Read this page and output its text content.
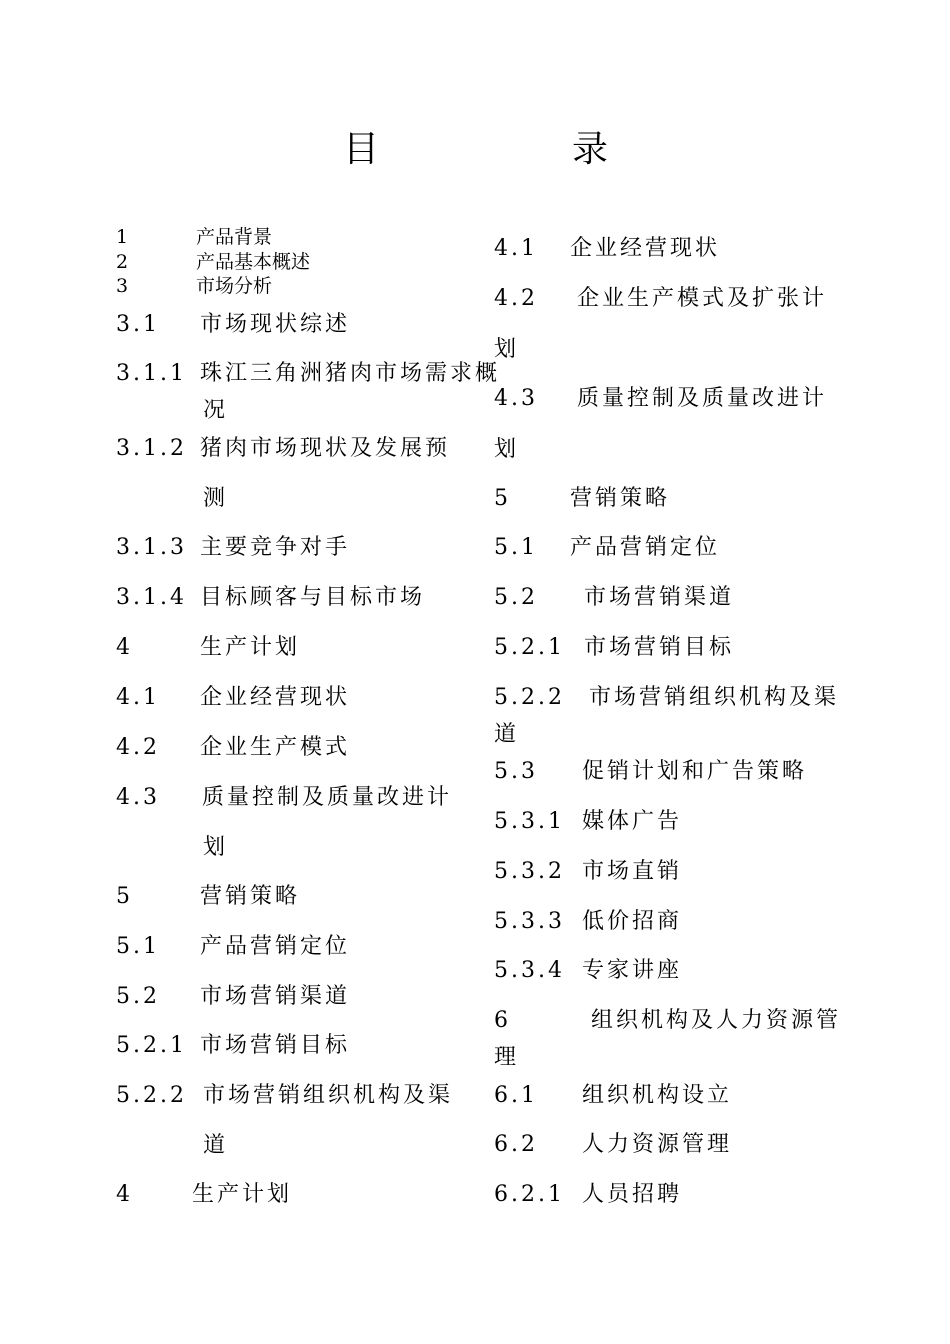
目	录
1	产品背景
2	产品基本概述
3	市场分析
3.1 市场现状综述
3.1.1 珠江三角洲猪肉市场需求概
况
3.1.2 猪肉市场现状及发展预
测
3.1.3 主要竞争对手
3.1.4 目标顾客与目标市场
4	生产计划
4.1 企业经营现状
4.2 企业生产模式
4.3 质量控制及质量改进计
划
5	营销策略
5.1 产品营销定位
5.2 市场营销渠道
5.2.1 市场营销目标
5.2.2 市场营销组织机构及渠
道
4	生产计划
4.1 企业经营现状
4.2 企业生产模式及扩张计
划
4.3 质量控制及质量改进计
划
5	营销策略
5.1 产品营销定位
5.2 市场营销渠道
5.2.1 市场营销目标
5.2.2 市场营销组织机构及渠
道
5.3 促销计划和广告策略
5.3.1 媒体广告
5.3.2 市场直销
5.3.3 低价招商
5.3.4 专家讲座
6	组织机构及人力资源管
理
6.1 组织机构设立
6.2 人力资源管理
6.2.1 人员招聘
